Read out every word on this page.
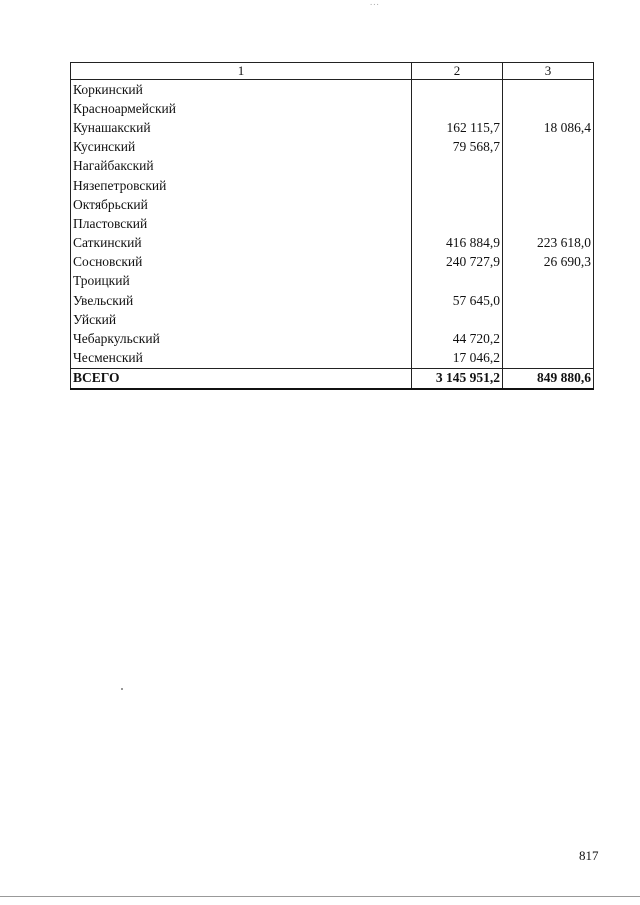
...
1	2	3
Коркинский		
Красноармейский		
Кунашакский	162 115,7	18 086,4
Кусинский	79 568,7	
Нагайбакский		
Нязепетровский		
Октябрьский		
Пластовский		
Саткинский	416 884,9	223 618,0
Сосновский	240 727,9	26 690,3
Троицкий		
Увельский	57 645,0	
Уйский		
Чебаркульский	44 720,2	
Чесменский	17 046,2	
ВСЕГО	3 145 951,2	849 880,6
817
